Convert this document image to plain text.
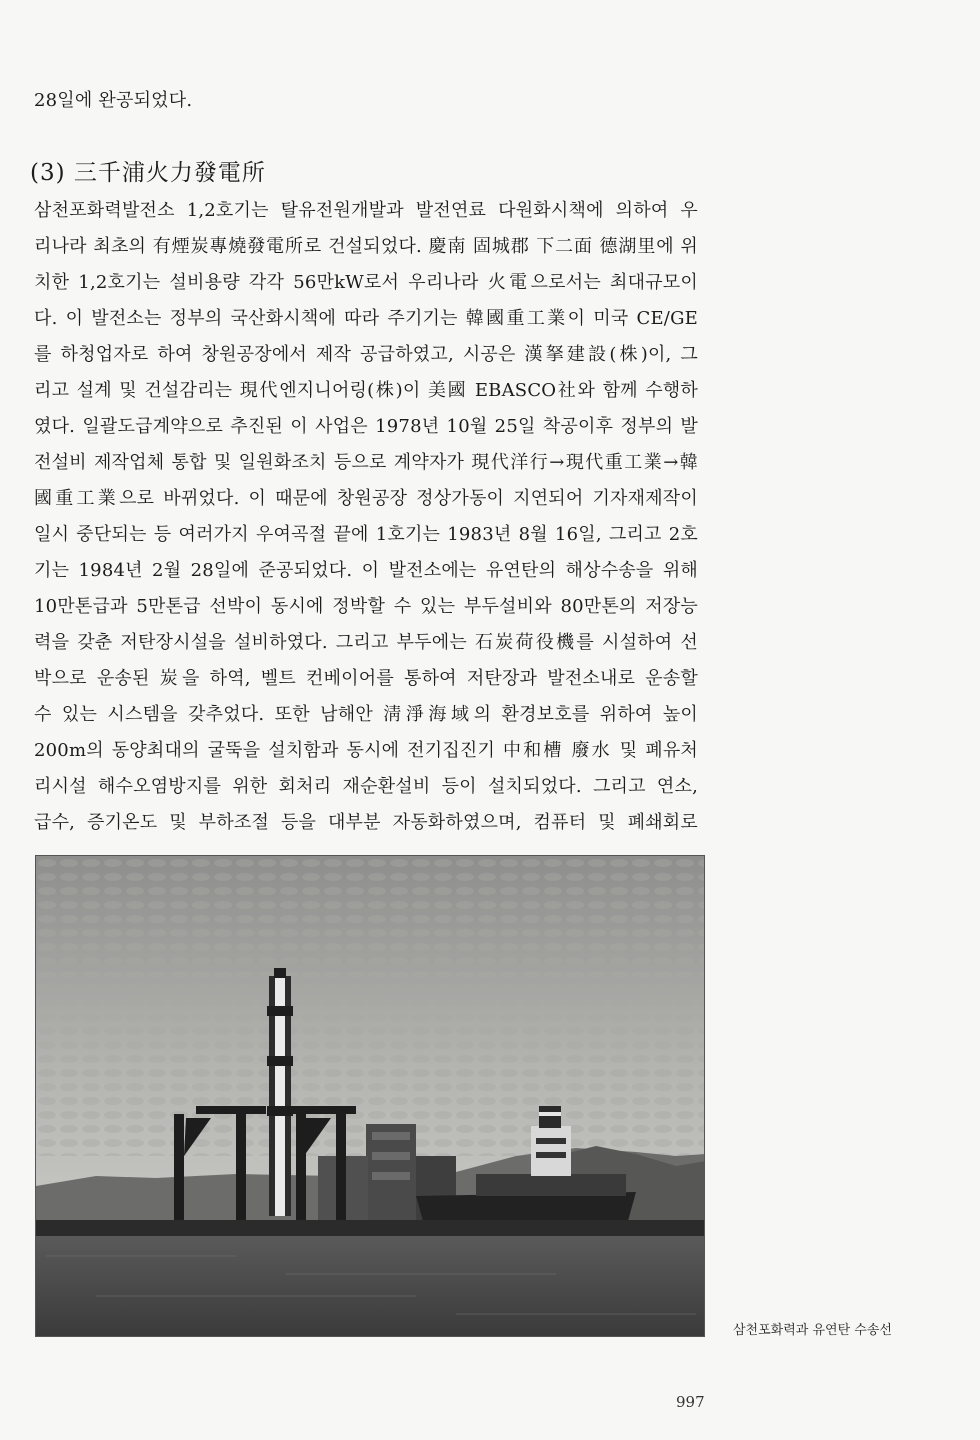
28일에 완공되었다.
(3) 三千浦火力發電所
삼천포화력발전소 1,2호기는 탈유전원개발과 발전연료 다원화시책에 의하여 우
리나라 최초의 有煙炭專燒發電所로 건설되었다. 慶南 固城郡 下二面 德湖里에 위
치한 1,2호기는 설비용량 각각 56만kW로서 우리나라 火電으로서는 최대규모이
다. 이 발전소는 정부의 국산화시책에 따라 주기기는 韓國重工業이 미국 CE/GE
를 하청업자로 하여 창원공장에서 제작 공급하였고, 시공은 漢拏建設(株)이, 그
리고 설계 및 건설감리는 現代엔지니어링(株)이 美國 EBASCO社와 함께 수행하
였다. 일괄도급계약으로 추진된 이 사업은 1978년 10월 25일 착공이후 정부의 발
전설비 제작업체 통합 및 일원화조치 등으로 계약자가 現代洋行→現代重工業→韓
國重工業으로 바뀌었다. 이 때문에 창원공장 정상가동이 지연되어 기자재제작이
일시 중단되는 등 여러가지 우여곡절 끝에 1호기는 1983년 8월 16일, 그리고 2호
기는 1984년 2월 28일에 준공되었다. 이 발전소에는 유연탄의 해상수송을 위해
10만톤급과 5만톤급 선박이 동시에 정박할 수 있는 부두설비와 80만톤의 저장능
력을 갖춘 저탄장시설을 설비하였다. 그리고 부두에는 石炭荷役機를 시설하여 선
박으로 운송된 炭을 하역, 벨트 컨베이어를 통하여 저탄장과 발전소내로 운송할
수 있는 시스템을 갖추었다. 또한 남해안 淸淨海域의 환경보호를 위하여 높이
200m의 동양최대의 굴뚝을 설치함과 동시에 전기집진기 中和槽 廢水 및 폐유처
리시설 해수오염방지를 위한 회처리 재순환설비 등이 설치되었다. 그리고 연소,
급수, 증기온도 및 부하조절 등을 대부분 자동화하였으며, 컴퓨터 및 폐쇄회로
삼천포화력과 유연탄 수송선
997
